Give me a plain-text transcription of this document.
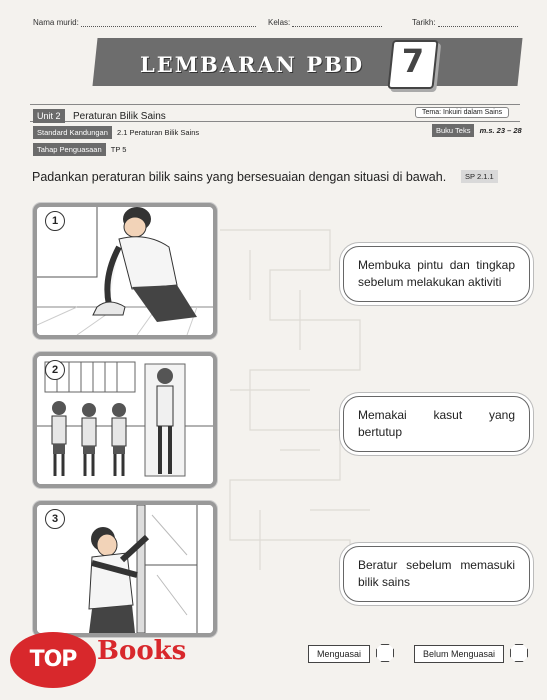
Nama murid:	Kelas:	Tarikh:
LEMBARAN PBD 7
Unit 2 Peraturan Bilik Sains	Tema: Inkuiri dalam Sains
Standard Kandungan 2.1 Peraturan Bilik Sains	Buku Teks m.s. 23 – 28
Tahap Penguasaan TP 5
Padankan peraturan bilik sains yang bersesuaian dengan situasi di bawah.	SP 2.1.1
1
2
3
Membuka pintu dan tingkap sebelum melakukan aktiviti
Memakai kasut yang bertutup
Beratur sebelum memasuki bilik sains
Menguasai	Belum Menguasai
TOP Books
